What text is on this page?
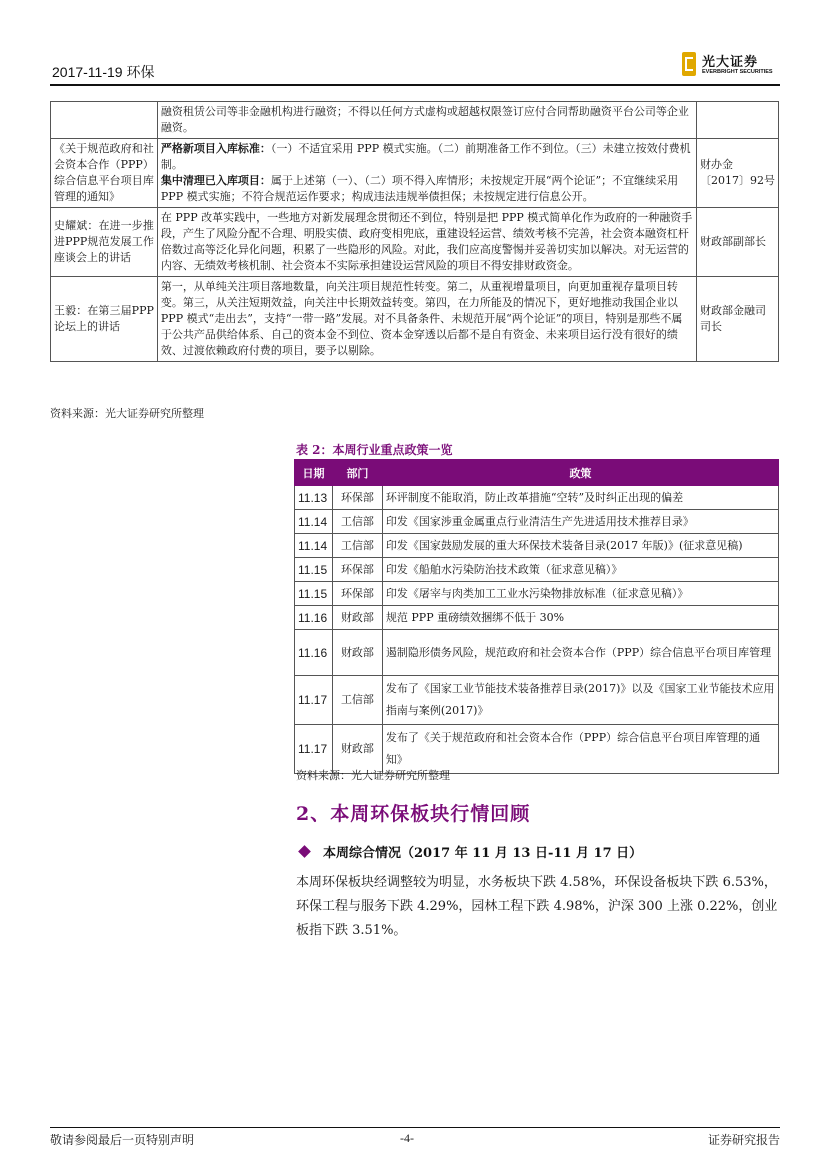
2017-11-19 环保
光大证券
EVERBRIGHT SECURITIES
	融资租赁公司等非金融机构进行融资；不得以任何方式虚构或超越权限签订应付合同帮助融资平台公司等企业融资。	
《关于规范政府和社会资本合作（PPP）综合信息平台项目库管理的通知》	严格新项目入库标准：（一）不适宜采用 PPP 模式实施。（二）前期准备工作不到位。（三）未建立按效付费机制。
集中清理已入库项目：属于上述第（一）、（二）项不得入库情形；未按规定开展“两个论证”；不宜继续采用 PPP 模式实施；不符合规范运作要求；构成违法违规举债担保；未按规定进行信息公开。	财办金〔2017〕92号
史耀斌：在进一步推进PPP规范发展工作座谈会上的讲话	在 PPP 改革实践中，一些地方对新发展理念贯彻还不到位，特别是把 PPP 模式简单化作为政府的一种融资手段，产生了风险分配不合理、明股实债、政府变相兜底，重建设轻运营、绩效考核不完善，社会资本融资杠杆倍数过高等泛化异化问题，积累了一些隐形的风险。对此，我们应高度警惕并妥善切实加以解决。对无运营的内容、无绩效考核机制、社会资本不实际承担建设运营风险的项目不得安排财政资金。	财政部副部长
王毅：在第三届PPP论坛上的讲话	第一，从单纯关注项目落地数量，向关注项目规范性转变。第二，从重视增量项目，向更加重视存量项目转变。第三，从关注短期效益，向关注中长期效益转变。第四，在力所能及的情况下，更好地推动我国企业以 PPP 模式“走出去”，支持“一带一路”发展。对不具备条件、未规范开展“两个论证”的项目，特别是那些不属于公共产品供给体系、自己的资本金不到位、资本金穿透以后都不是自有资金、未来项目运行没有很好的绩效、过渡依赖政府付费的项目，要予以剔除。	财政部金融司司长
资料来源：光大证券研究所整理
表 2：本周行业重点政策一览
日期	部门	政策
11.13	环保部	环评制度不能取消，防止改革措施“空转”及时纠正出现的偏差
11.14	工信部	印发《国家涉重金属重点行业清洁生产先进适用技术推荐目录》
11.14	工信部	印发《国家鼓励发展的重大环保技术装备目录(2017 年版)》(征求意见稿)
11.15	环保部	印发《船舶水污染防治技术政策（征求意见稿）》
11.15	环保部	印发《屠宰与肉类加工工业水污染物排放标准（征求意见稿）》
11.16	财政部	规范 PPP 重磅绩效捆绑不低于 30%
11.16	财政部	遏制隐形债务风险，规范政府和社会资本合作（PPP）综合信息平台项目库管理
11.17	工信部	发布了《国家工业节能技术装备推荐目录(2017)》以及《国家工业节能技术应用指南与案例(2017)》
11.17	财政部	发布了《关于规范政府和社会资本合作（PPP）综合信息平台项目库管理的通知》
资料来源：光大证券研究所整理
2、本周环保板块行情回顾
本周综合情况（2017 年 11 月 13 日-11 月 17 日）
本周环保板块经调整较为明显，水务板块下跌 4.58%，环保设备板块下跌 6.53%，环保工程与服务下跌 4.29%，园林工程下跌 4.98%，沪深 300 上涨 0.22%，创业板指下跌 3.51%。
敬请参阅最后一页特别声明	-4-	证券研究报告
